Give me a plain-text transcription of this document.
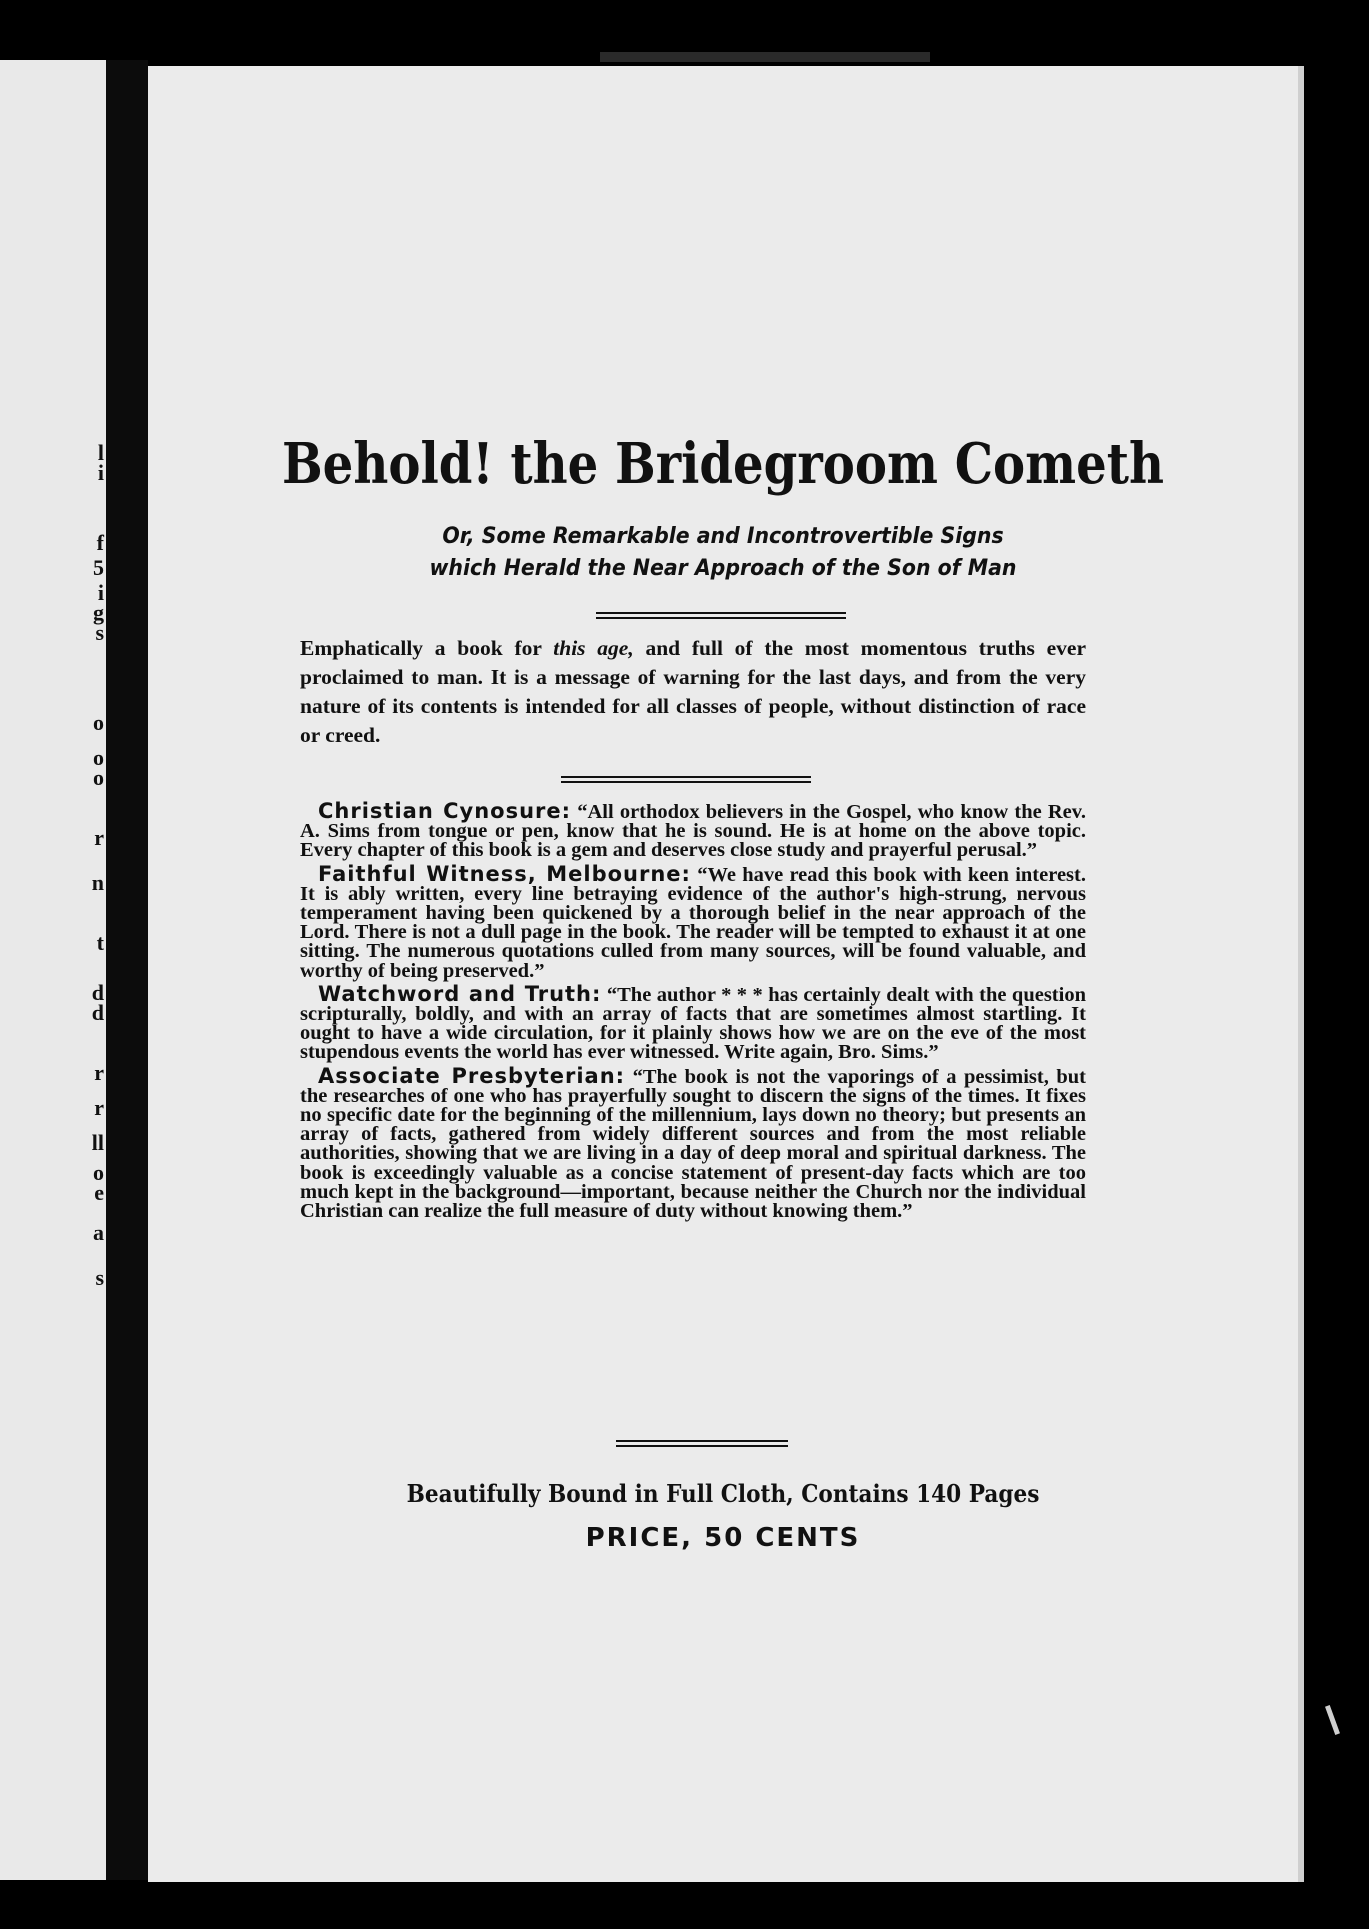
l
i
f
5
i
g
s
o
o
o
r
n
t
d
d
r
r
ll
o
e
a
s
Behold! the Bridegroom Cometh
Or, Some Remarkable and Incontrovertible Signs
which Herald the Near Approach of the Son of Man
Emphatically a book for this age, and full of the most momentous truths ever proclaimed to man. It is a message of warning for the last days, and from the very nature of its contents is intended for all classes of people, without distinction of race or creed.

Christian Cynosure: “All orthodox believers in the Gospel, who know the Rev. A. Sims from tongue or pen, know that he is sound. He is at home on the above topic. Every chapter of this book is a gem and deserves close study and prayerful perusal.”

Faithful Witness, Melbourne: “We have read this book with keen interest. It is ably written, every line betraying evidence of the author's high-strung, nervous temperament having been quickened by a thorough belief in the near approach of the Lord. There is not a dull page in the book. The reader will be tempted to exhaust it at one sitting. The numerous quotations culled from many sources, will be found valuable, and worthy of being preserved.”

Watchword and Truth: “The author * * * has certainly dealt with the question scripturally, boldly, and with an array of facts that are sometimes almost startling. It ought to have a wide circulation, for it plainly shows how we are on the eve of the most stupendous events the world has ever witnessed. Write again, Bro. Sims.”

Associate Presbyterian: “The book is not the vaporings of a pessimist, but the researches of one who has prayerfully sought to discern the signs of the times. It fixes no specific date for the beginning of the millennium, lays down no theory; but presents an array of facts, gathered from widely different sources and from the most reliable authorities, showing that we are living in a day of deep moral and spiritual darkness. The book is exceedingly valuable as a concise statement of present-day facts which are too much kept in the background—important, because neither the Church nor the individual Christian can realize the full measure of duty without knowing them.”

Beautifully Bound in Full Cloth, Contains 140 Pages
PRICE, 50 CENTS
